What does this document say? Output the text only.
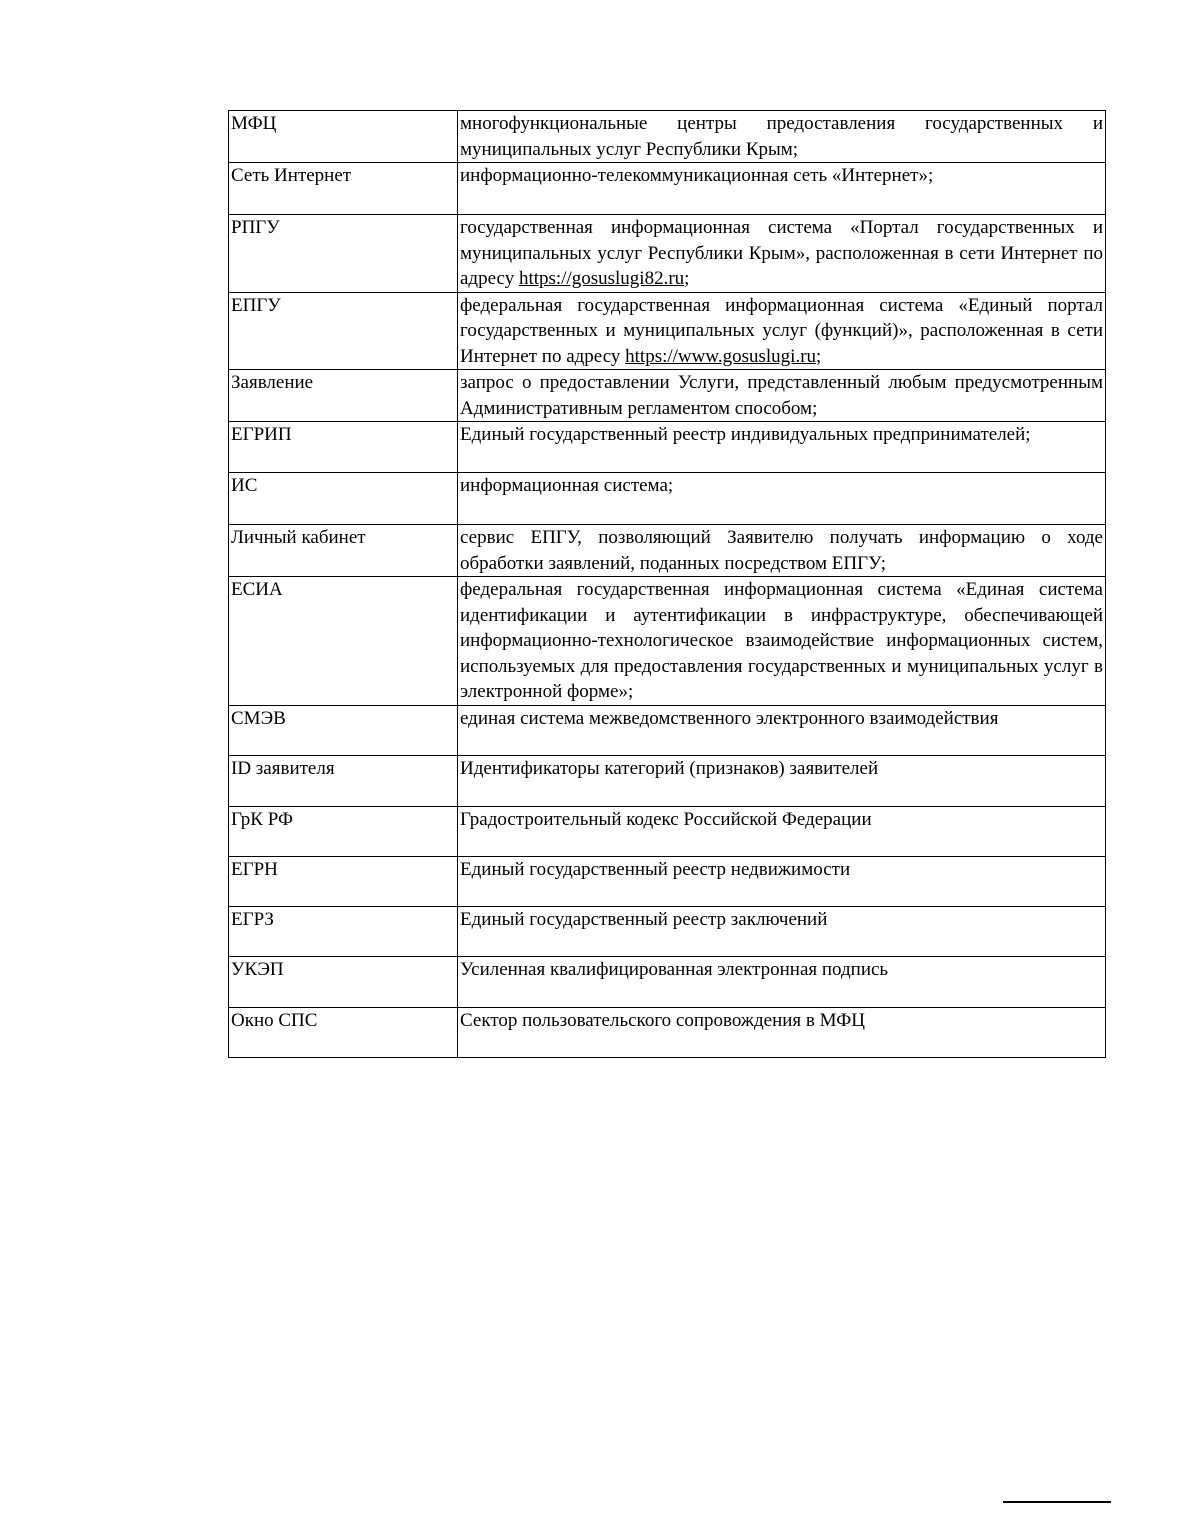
МФЦ	многофункциональные центры предоставления государственных и муниципальных услуг Республики Крым;
Сеть Интернет	информационно-телекоммуникационная сеть «Интернет»;
РПГУ	государственная информационная система «Портал государственных и муниципальных услуг Республики Крым», расположенная в сети Интернет по адресу https://gosuslugi82.ru;
ЕПГУ	федеральная государственная информационная система «Единый портал государственных и муниципальных услуг (функций)», расположенная в сети Интернет по адресу https://www.gosuslugi.ru;
Заявление	запрос о предоставлении Услуги, представленный любым предусмотренным Административным регламентом способом;
ЕГРИП	Единый государственный реестр индивидуальных предпринимателей;
ИС	информационная система;
Личный кабинет	сервис ЕПГУ, позволяющий Заявителю получать информацию о ходе обработки заявлений, поданных посредством ЕПГУ;
ЕСИА	федеральная государственная информационная система «Единая система идентификации и аутентификации в инфраструктуре, обеспечивающей информационно-технологическое взаимодействие информационных систем, используемых для предоставления государственных и муниципальных услуг в электронной форме»;
СМЭВ	единая система межведомственного электронного взаимодействия
ID заявителя	Идентификаторы категорий (признаков) заявителей
ГрК РФ	Градостроительный кодекс Российской Федерации
ЕГРН	Единый государственный реестр недвижимости
ЕГРЗ	Единый государственный реестр заключений
УКЭП	Усиленная квалифицированная электронная подпись
Окно СПС	Сектор пользовательского сопровождения в МФЦ
